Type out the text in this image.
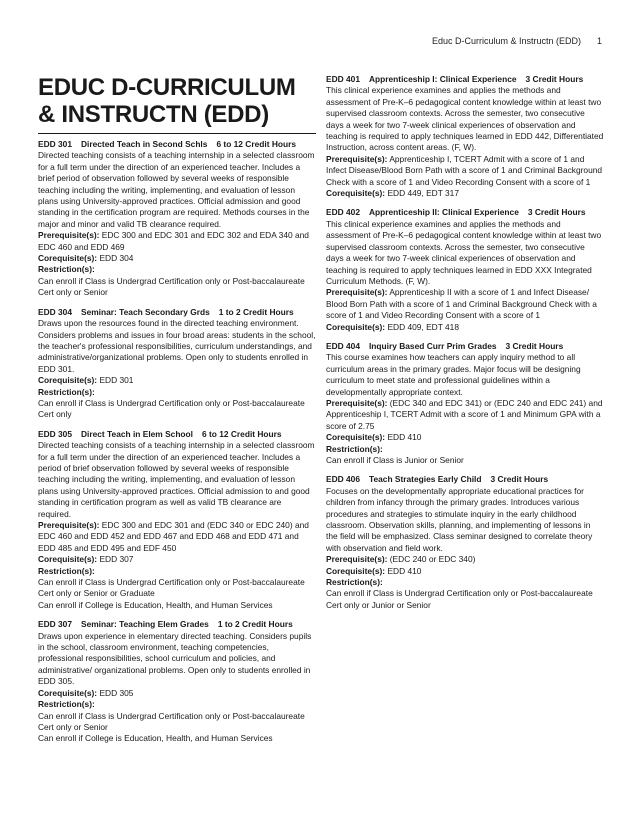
Educ D-Curriculum & Instructn (EDD) 1
EDUC D-CURRICULUM & INSTRUCTN (EDD)
EDD 301 Directed Teach in Second Schls 6 to 12 Credit Hours

Directed teaching consists of a teaching internship in a selected classroom for a full term under the direction of an experienced teacher. Includes a brief period of observation followed by several weeks of responsible teaching including the writing, implementing, and evaluation of lesson plans using University-approved practices. Official admission and good standing in the certification program are required. Methods courses in the major and minor and valid TB clearance required.

Prerequisite(s): EDC 300 and EDC 301 and EDC 302 and EDA 340 and EDC 460 and EDD 469
Corequisite(s): EDD 304
Restriction(s):
Can enroll if Class is Undergrad Certification only or Post-baccalaureate Cert only or Senior
EDD 304 Seminar: Teach Secondary Grds 1 to 2 Credit Hours

Draws upon the resources found in the directed teaching environment. Considers problems and issues in four broad areas: students in the school, the teacher's professional responsibilities, curriculum understandings, and administrative/organizational problems. Open only to students enrolled in EDD 301.

Corequisite(s): EDD 301
Restriction(s):
Can enroll if Class is Undergrad Certification only or Post-baccalaureate Cert only
EDD 305 Direct Teach in Elem School 6 to 12 Credit Hours

Directed teaching consists of a teaching internship in a selected classroom for a full term under the direction of an experienced teacher. Includes a period of brief observation followed by several weeks of responsible teaching including the writing, implementing, and evaluation of lesson plans using University-approved practices. Official admission to and good standing in certification program as well as valid TB clearance are required.

Prerequisite(s): EDC 300 and EDC 301 and (EDC 340 or EDC 240) and EDC 460 and EDD 452 and EDD 467 and EDD 468 and EDD 471 and EDD 485 and EDD 495 and EDF 450
Corequisite(s): EDD 307
Restriction(s):
Can enroll if Class is Undergrad Certification only or Post-baccalaureate Cert only or Senior or Graduate
Can enroll if College is Education, Health, and Human Services
EDD 307 Seminar: Teaching Elem Grades 1 to 2 Credit Hours

Draws upon experience in elementary directed teaching. Considers pupils in the school, classroom environment, teaching competencies, professional responsibilities, school curriculum and policies, and administrative/ organizational problems. Open only to students enrolled in EDD 305.

Corequisite(s): EDD 305
Restriction(s):
Can enroll if Class is Undergrad Certification only or Post-baccalaureate Cert only or Senior
Can enroll if College is Education, Health, and Human Services
EDD 401 Apprenticeship I: Clinical Experience 3 Credit Hours

This clinical experience examines and applies the methods and assessment of Pre-K–6 pedagogical content knowledge within at least two supervised classroom contexts. Across the semester, two consecutive days a week for two 7-week clinical experiences of observation and teaching is required to apply techniques learned in EDD 442, Differentiated Instruction, across content areas. (F, W).

Prerequisite(s): Apprenticeship I, TCERT Admit with a score of 1 and Infect Disease/Blood Born Path with a score of 1 and Criminal Background Check with a score of 1 and Video Recording Consent with a score of 1
Corequisite(s): EDD 449, EDT 317
EDD 402 Apprenticeship II: Clinical Experience 3 Credit Hours

This clinical experience examines and applies the methods and assessment of Pre-K–6 pedagogical content knowledge within at least two supervised classroom contexts. Across the semester, two consecutive days a week for two 7-week clinical experiences of observation and teaching is required to apply techniques learned in EDD XXX Integrated Curriculum Methods. (F, W).

Prerequisite(s): Apprenticeship II with a score of 1 and Infect Disease/ Blood Born Path with a score of 1 and Criminal Background Check with a score of 1 and Video Recording Consent with a score of 1
Corequisite(s): EDD 409, EDT 418
EDD 404 Inquiry Based Curr Prim Grades 3 Credit Hours

This course examines how teachers can apply inquiry method to all curriculum areas in the primary grades. Major focus will be designing curriculum to meet state and professional guidelines within a developmentally appropriate context.

Prerequisite(s): (EDC 340 and EDC 341) or (EDC 240 and EDC 241) and Apprenticeship I, TCERT Admit with a score of 1 and Minimum GPA with a score of 2.75
Corequisite(s): EDD 410
Restriction(s):
Can enroll if Class is Junior or Senior
EDD 406 Teach Strategies Early Child 3 Credit Hours

Focuses on the developmentally appropriate educational practices for children from infancy through the primary grades. Introduces various procedures and strategies to stimulate inquiry in the early childhood classroom. Observation skills, planning, and implementing of lessons in the field will be emphasized. Class seminar designed to correlate theory with observation and field work.

Prerequisite(s): (EDC 240 or EDC 340)
Corequisite(s): EDD 410
Restriction(s):
Can enroll if Class is Undergrad Certification only or Post-baccalaureate Cert only or Junior or Senior
